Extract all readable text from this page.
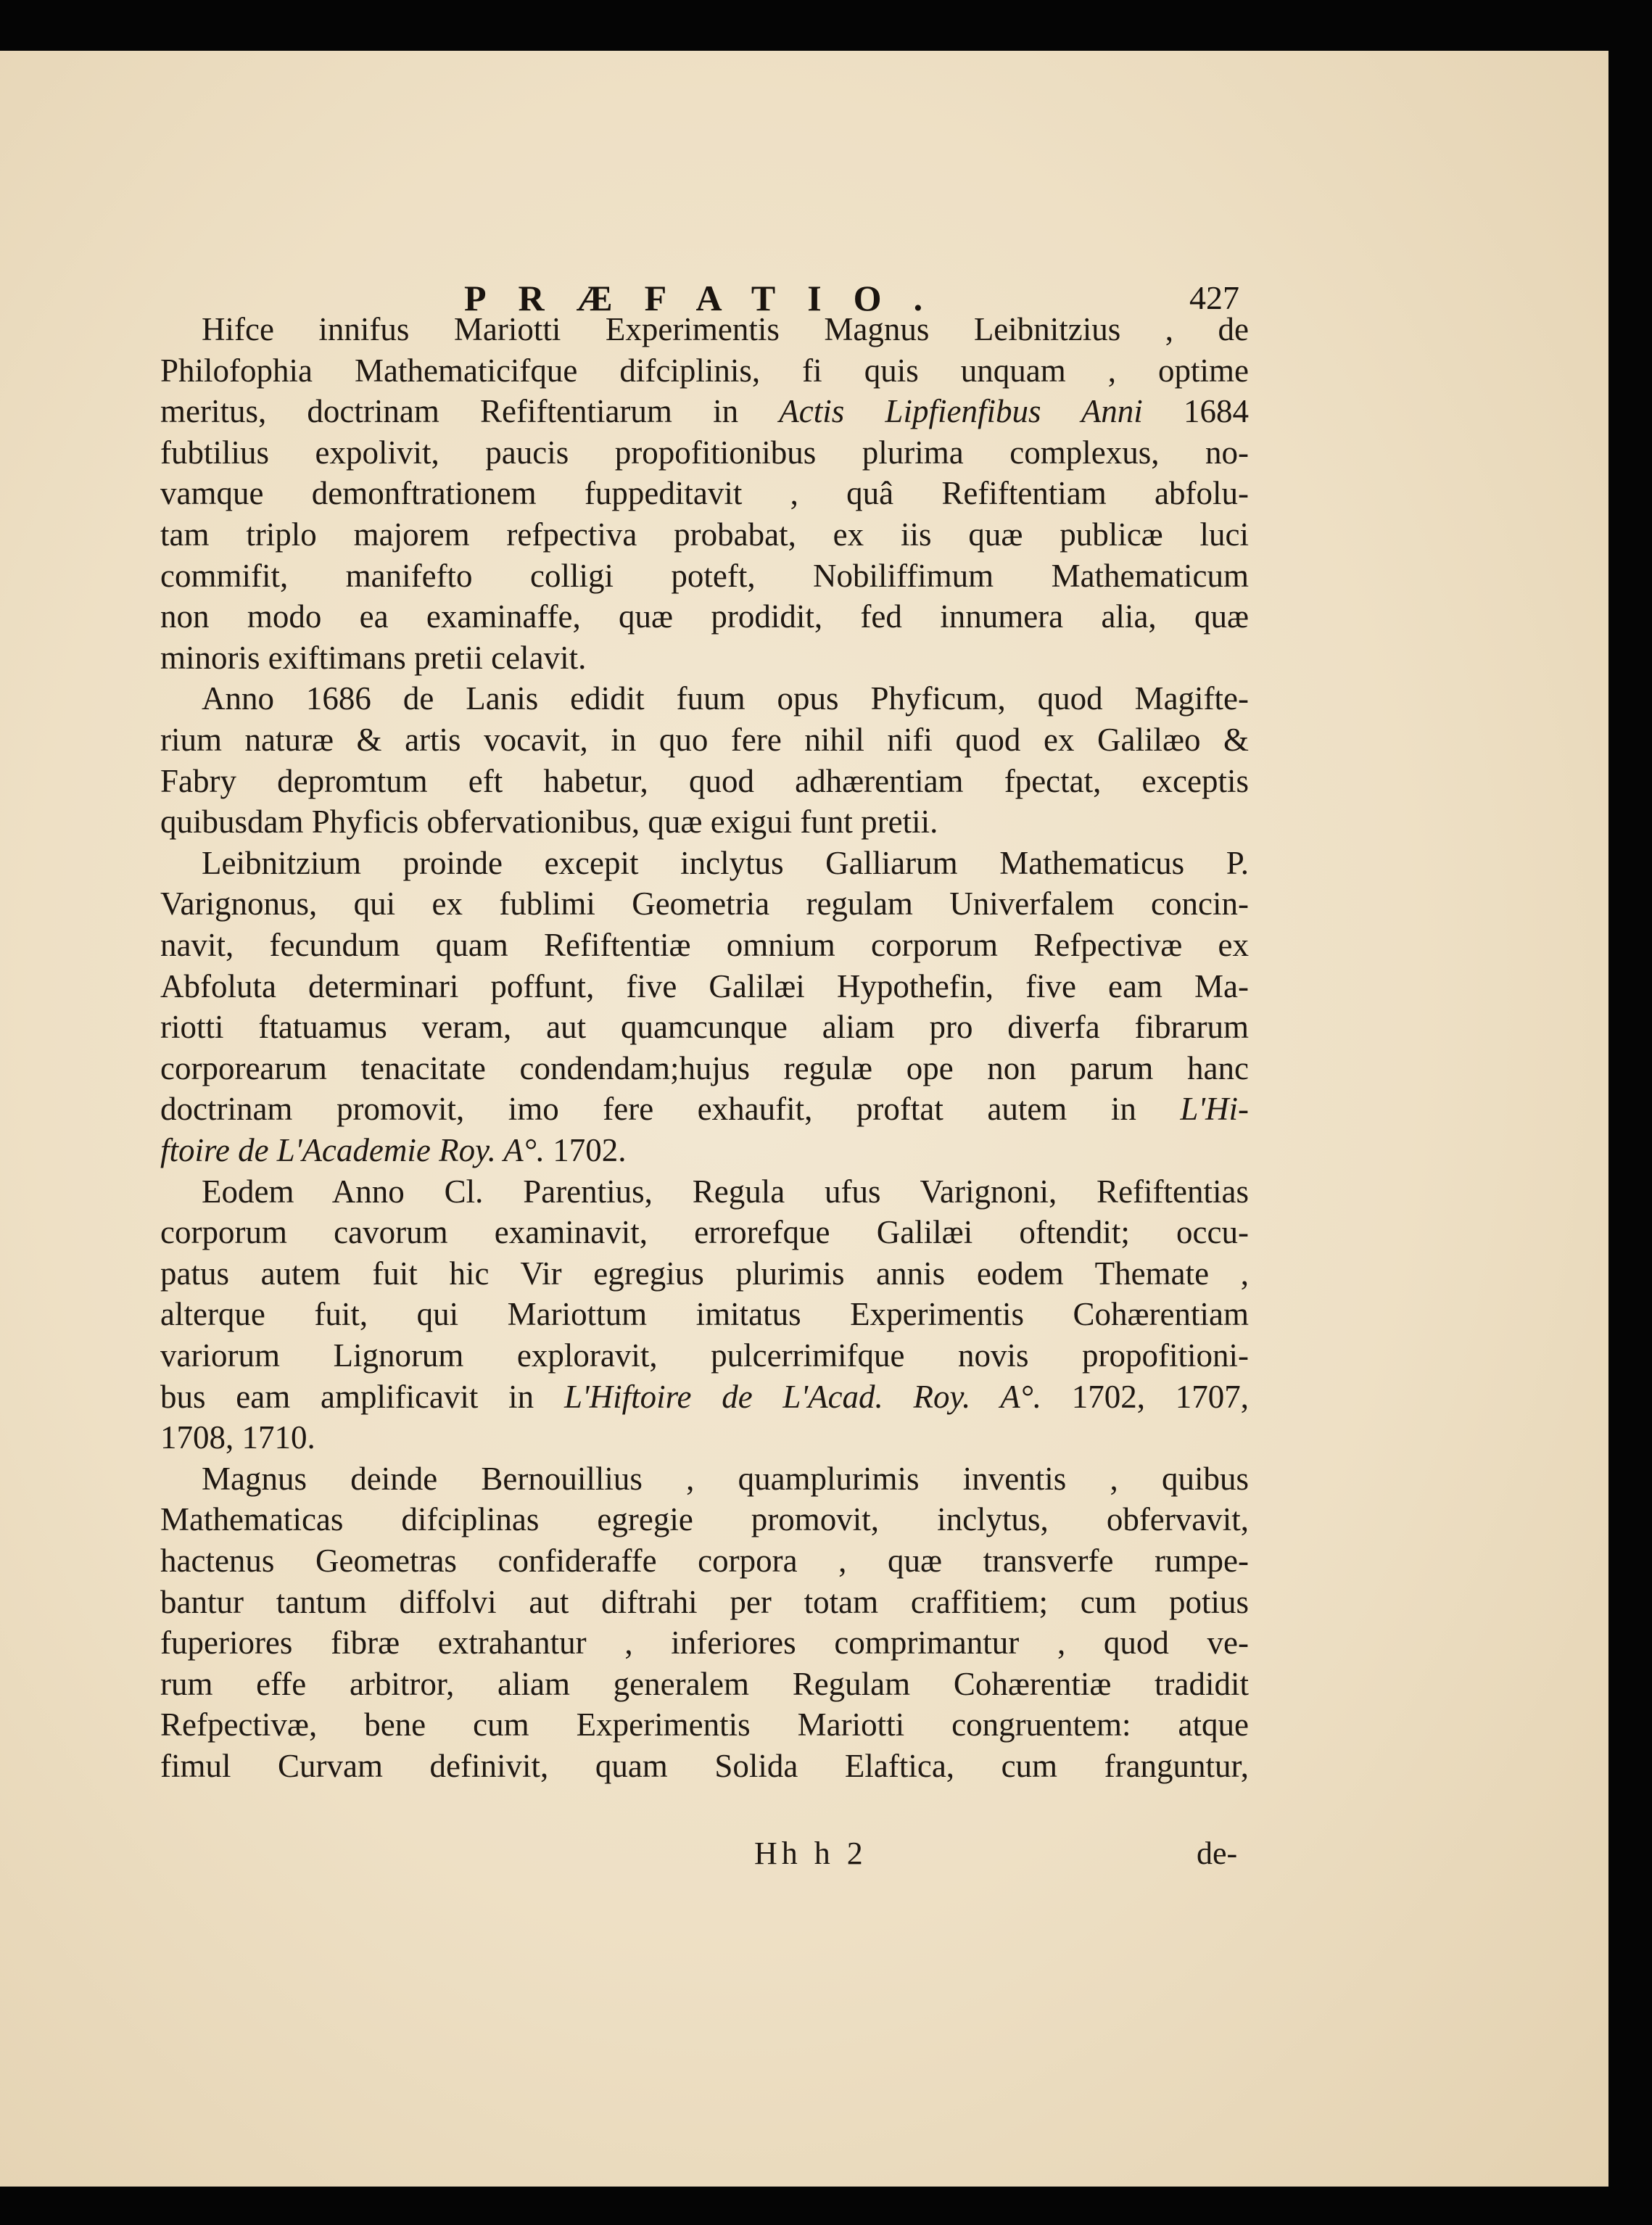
PRÆFATIO.	427
Hifce innifus Mariotti Experimentis Magnus Leibnitzius , de
Philofophia Mathematicifque difciplinis, fi quis unquam , optime
meritus, doctrinam Refiftentiarum in Actis Lipfienfibus Anni 1684
fubtilius expolivit, paucis propofitionibus plurima complexus, no-
vamque demonftrationem fuppeditavit , quâ Refiftentiam abfolu-
tam triplo majorem refpectiva probabat, ex iis quæ publicæ luci
commifit, manifefto colligi poteft, Nobiliffimum Mathematicum
non modo ea examinaffe, quæ prodidit, fed innumera alia, quæ
minoris exiftimans pretii celavit.
Anno 1686 de Lanis edidit fuum opus Phyficum, quod Magifte-
rium naturæ & artis vocavit, in quo fere nihil nifi quod ex Galilæo &
Fabry depromtum eft habetur, quod adhærentiam fpectat, exceptis
quibusdam Phyficis obfervationibus, quæ exigui funt pretii.
Leibnitzium proinde excepit inclytus Galliarum Mathematicus P.
Varignonus, qui ex fublimi Geometria regulam Univerfalem concin-
navit, fecundum quam Refiftentiæ omnium corporum Refpectivæ ex
Abfoluta determinari poffunt, five Galilæi Hypothefin, five eam Ma-
riotti ftatuamus veram, aut quamcunque aliam pro diverfa fibrarum
corporearum tenacitate condendam;hujus regulæ ope non parum hanc
doctrinam promovit, imo fere exhaufit, proftat autem in L'Hi-
ftoire de L'Academie Roy. A°. 1702.
Eodem Anno Cl. Parentius, Regula ufus Varignoni, Refiftentias
corporum cavorum examinavit, errorefque Galilæi oftendit; occu-
patus autem fuit hic Vir egregius plurimis annis eodem Themate ,
alterque fuit, qui Mariottum imitatus Experimentis Cohærentiam
variorum Lignorum exploravit, pulcerrimifque novis propofitioni-
bus eam amplificavit in L'Hiftoire de L'Acad. Roy. A°. 1702, 1707,
1708, 1710.
Magnus deinde Bernouillius , quamplurimis inventis , quibus
Mathematicas difciplinas egregie promovit, inclytus, obfervavit,
hactenus Geometras confideraffe corpora , quæ transverfe rumpe-
bantur tantum diffolvi aut diftrahi per totam craffitiem; cum potius
fuperiores fibræ extrahantur , inferiores comprimantur , quod ve-
rum effe arbitror, aliam generalem Regulam Cohærentiæ tradidit
Refpectivæ, bene cum Experimentis Mariotti congruentem: atque
fimul Curvam definivit, quam Solida Elaftica, cum franguntur,
Hh h 2	de-
